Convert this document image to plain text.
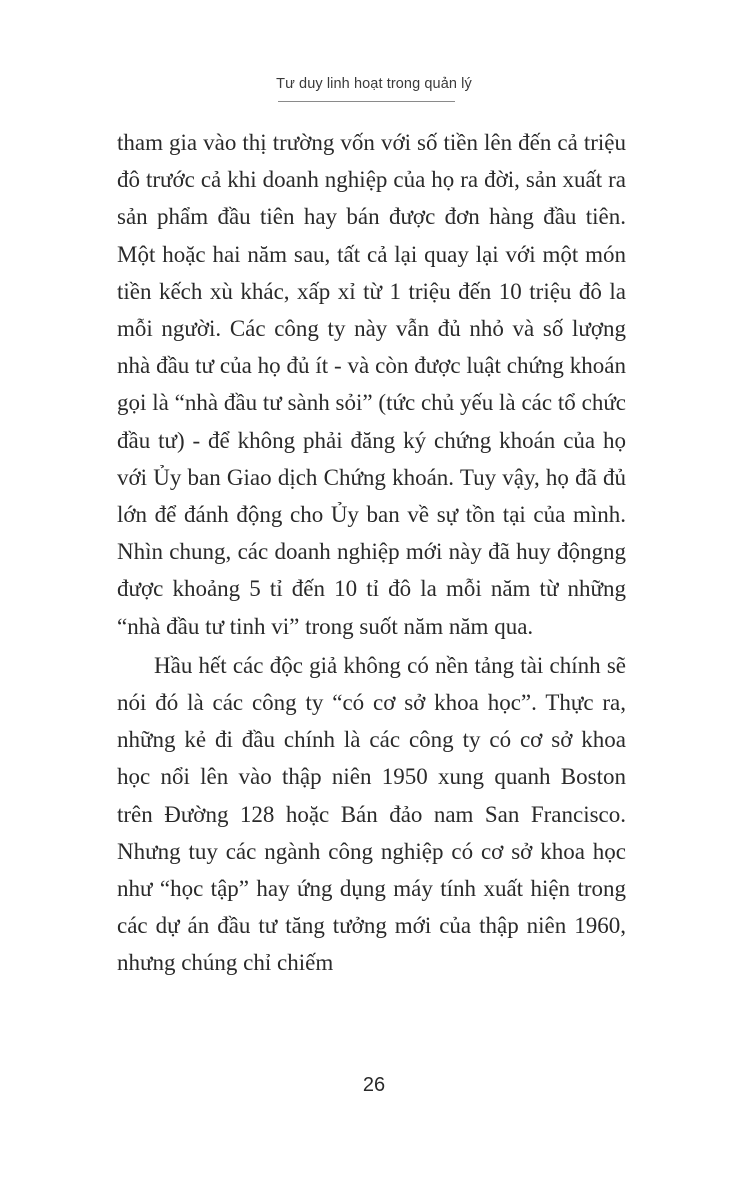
Tư duy linh hoạt trong quản lý

tham gia vào thị trường vốn với số tiền lên đến cả triệu đô trước cả khi doanh nghiệp của họ ra đời, sản xuất ra sản phẩm đầu tiên hay bán được đơn hàng đầu tiên. Một hoặc hai năm sau, tất cả lại quay lại với một món tiền kếch xù khác, xấp xỉ từ 1 triệu đến 10 triệu đô la mỗi người. Các công ty này vẫn đủ nhỏ và số lượng nhà đầu tư của họ đủ ít - và còn được luật chứng khoán gọi là “nhà đầu tư sành sỏi” (tức chủ yếu là các tổ chức đầu tư) - để không phải đăng ký chứng khoán của họ với Ủy ban Giao dịch Chứng khoán. Tuy vậy, họ đã đủ lớn để đánh động cho Ủy ban về sự tồn tại của mình. Nhìn chung, các doanh nghiệp mới này đã huy độngng được khoảng 5 tỉ đến 10 tỉ đô la mỗi năm từ những “nhà đầu tư tinh vi” trong suốt năm năm qua.

Hầu hết các độc giả không có nền tảng tài chính sẽ nói đó là các công ty “có cơ sở khoa học”. Thực ra, những kẻ đi đầu chính là các công ty có cơ sở khoa học nổi lên vào thập niên 1950 xung quanh Boston trên Đường 128 hoặc Bán đảo nam San Francisco. Nhưng tuy các ngành công nghiệp có cơ sở khoa học như “học tập” hay ứng dụng máy tính xuất hiện trong các dự án đầu tư tăng tưởng mới của thập niên 1960, nhưng chúng chỉ chiếm

26
